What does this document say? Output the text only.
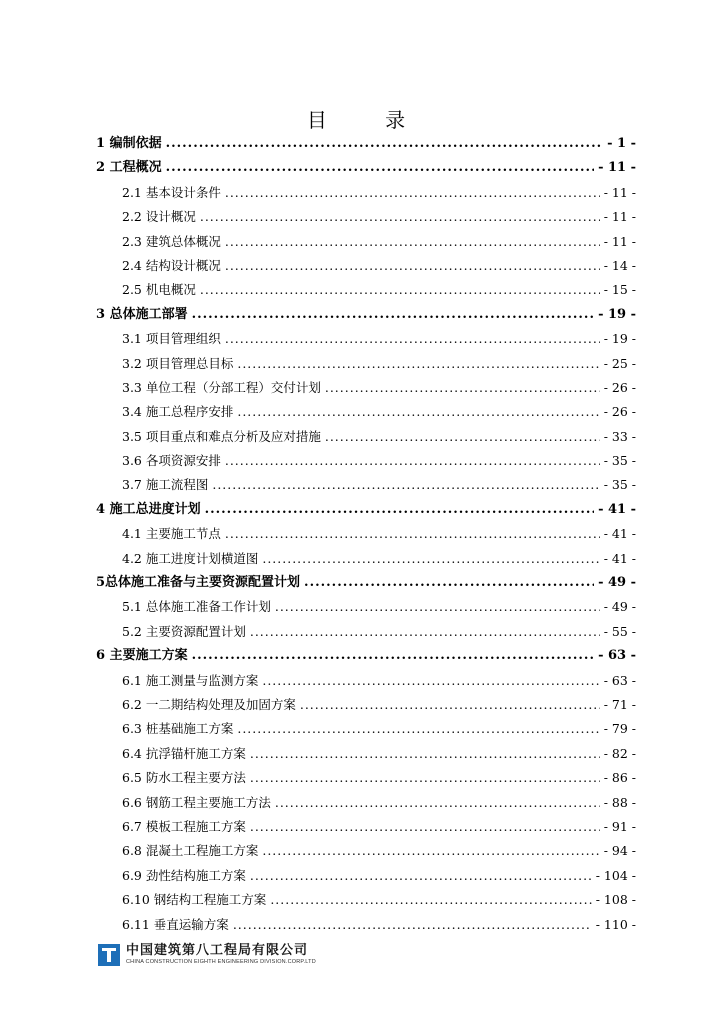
目 录
1 编制依据 .....	- 1 -
2 工程概况 .....	- 11 -
2.1 基本设计条件 .....	- 11 -
2.2 设计概况 .....	- 11 -
2.3 建筑总体概况 .....	- 11 -
2.4 结构设计概况 .....	- 14 -
2.5 机电概况 .....	- 15 -
3 总体施工部署 .....	- 19 -
3.1 项目管理组织 .....	- 19 -
3.2 项目管理总目标 .....	- 25 -
3.3 单位工程（分部工程）交付计划 .....	- 26 -
3.4 施工总程序安排 .....	- 26 -
3.5 项目重点和难点分析及应对措施 .....	- 33 -
3.6 各项资源安排 .....	- 35 -
3.7 施工流程图 .....	- 35 -
4 施工总进度计划 .....	- 41 -
4.1 主要施工节点 .....	- 41 -
4.2 施工进度计划横道图 .....	- 41 -
5总体施工准备与主要资源配置计划 .....	- 49 -
5.1 总体施工准备工作计划 .....	- 49 -
5.2 主要资源配置计划 .....	- 55 -
6 主要施工方案 .....	- 63 -
6.1 施工测量与监测方案 .....	- 63 -
6.2 一二期结构处理及加固方案 .....	- 71 -
6.3 桩基础施工方案 .....	- 79 -
6.4 抗浮锚杆施工方案 .....	- 82 -
6.5 防水工程主要方法 .....	- 86 -
6.6 钢筋工程主要施工方法 .....	- 88 -
6.7 模板工程施工方案 .....	- 91 -
6.8 混凝土工程施工方案 .....	- 94 -
6.9 劲性结构施工方案 .....	- 104 -
6.10 钢结构工程施工方案 .....	- 108 -
6.11 垂直运输方案 .....	- 110 -
中国建筑第八工程局有限公司
CHINA CONSTRUCTION EIGHTH ENGINEERING DIVISION.CORP.LTD
